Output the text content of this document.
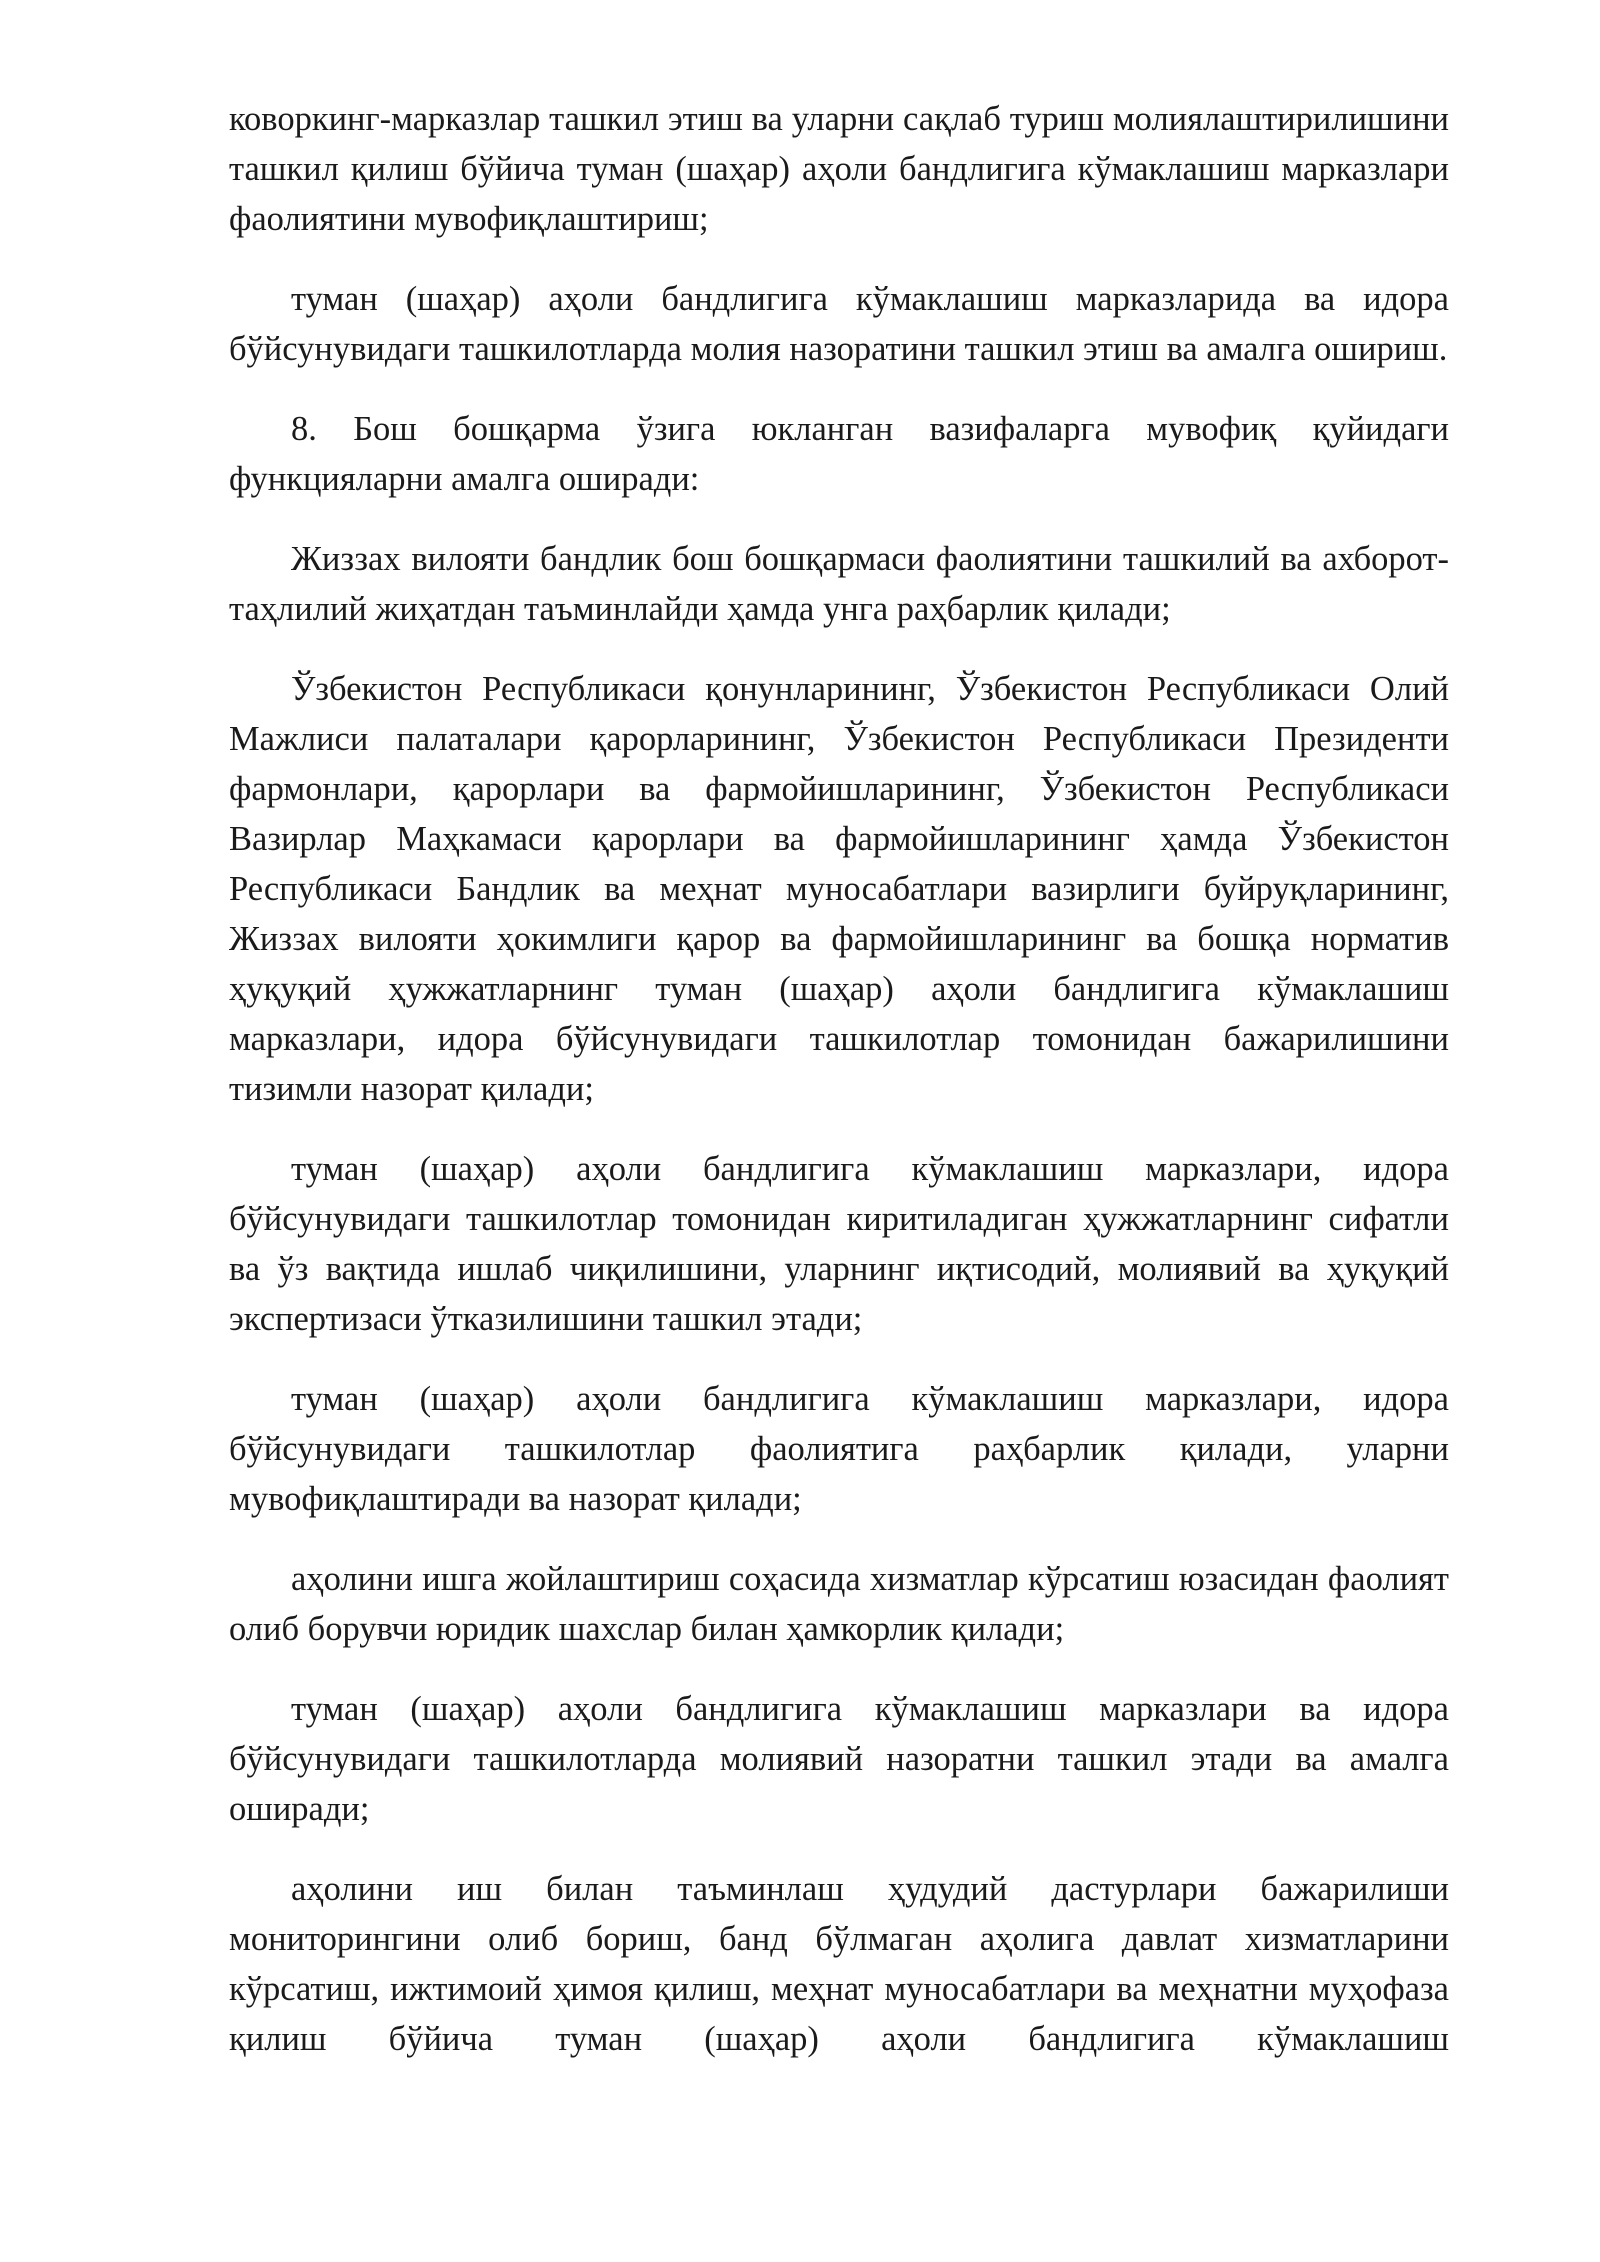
коворкинг-марказлар ташкил этиш ва уларни сақлаб туриш молиялаштирилишини ташкил қилиш бўйича туман (шаҳар) аҳоли бандлигига кўмаклашиш марказлари фаолиятини мувофиқлаштириш;

туман (шаҳар) аҳоли бандлигига кўмаклашиш марказларида ва идора бўйсунувидаги ташкилотларда молия назоратини ташкил этиш ва амалга ошириш.

8. Бош бошқарма ўзига юкланган вазифаларга мувофиқ қуйидаги функцияларни амалга оширади:

Жиззах вилояти бандлик бош бошқармаси фаолиятини ташкилий ва ахборот-таҳлилий жиҳатдан таъминлайди ҳамда унга раҳбарлик қилади;

Ўзбекистон Республикаси қонунларининг, Ўзбекистон Республикаси Олий Мажлиси палаталари қарорларининг, Ўзбекистон Республикаси Президенти фармонлари, қарорлари ва фармойишларининг, Ўзбекистон Республикаси Вазирлар Маҳкамаси қарорлари ва фармойишларининг ҳамда Ўзбекистон Республикаси Бандлик ва меҳнат муносабатлари вазирлиги буйруқларининг, Жиззах вилояти ҳокимлиги қарор ва фармойишларининг ва бошқа норматив ҳуқуқий ҳужжатларнинг туман (шаҳар) аҳоли бандлигига кўмаклашиш марказлари, идора бўйсунувидаги ташкилотлар томонидан бажарилишини тизимли назорат қилади;

туман (шаҳар) аҳоли бандлигига кўмаклашиш марказлари, идора бўйсунувидаги ташкилотлар томонидан киритиладиган ҳужжатларнинг сифатли ва ўз вақтида ишлаб чиқилишини, уларнинг иқтисодий, молиявий ва ҳуқуқий экспертизаси ўтказилишини ташкил этади;

туман (шаҳар) аҳоли бандлигига кўмаклашиш марказлари, идора бўйсунувидаги ташкилотлар фаолиятига раҳбарлик қилади, уларни мувофиқлаштиради ва назорат қилади;

аҳолини ишга жойлаштириш соҳасида хизматлар кўрсатиш юзасидан фаолият олиб борувчи юридик шахслар билан ҳамкорлик қилади;

туман (шаҳар) аҳоли бандлигига кўмаклашиш марказлари ва идора бўйсунувидаги ташкилотларда молиявий назоратни ташкил этади ва амалга оширади;

аҳолини иш билан таъминлаш ҳудудий дастурлари бажарилиши мониторингини олиб бориш, банд бўлмаган аҳолига давлат хизматларини кўрсатиш, ижтимоий ҳимоя қилиш, меҳнат муносабатлари ва меҳнатни муҳофаза қилиш бўйича туман (шаҳар) аҳоли бандлигига кўмаклашиш
